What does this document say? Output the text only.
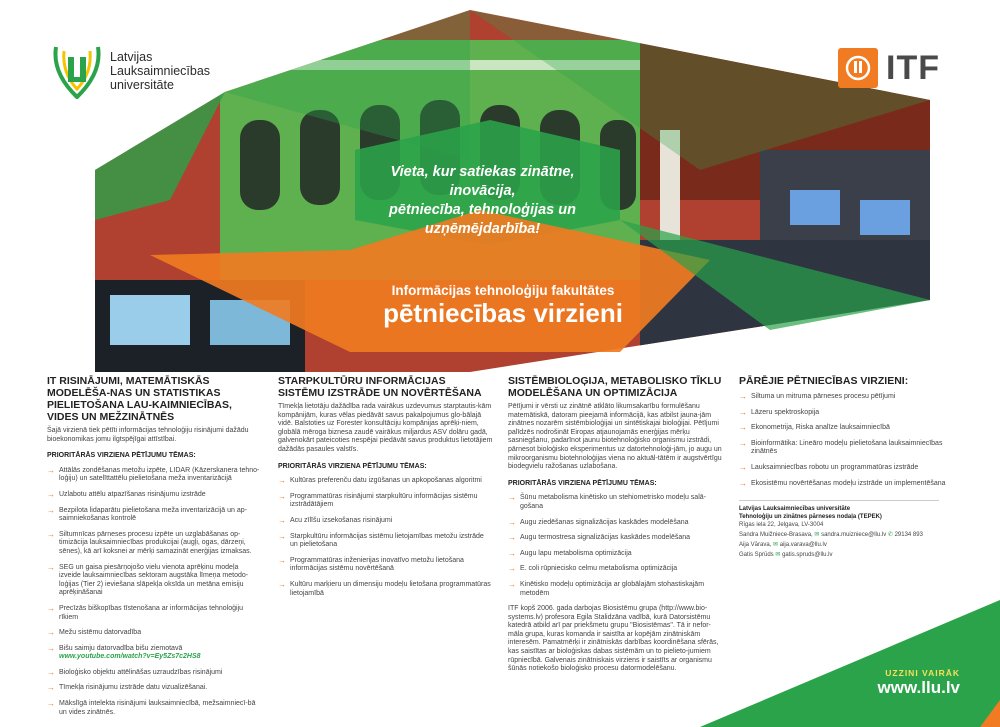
Latvijas
Lauksaimniecības
universitāte	ITF
Vieta, kur satiekas zinātne, inovācija,
pētniecība, tehnoloģijas un
uzņēmējdarbība!
Informācijas tehnoloģiju fakultātes
pētniecības virzieni
IT RISINĀJUMI, MATEMĀTISKĀS MODELĒŠA-NAS UN STATISTIKAS PIELIETOŠANA LAU-KAIMNIECĪBAS, VIDES UN MEŽZINĀTNĒS

Šajā virzienā tiek pētīti informācijas tehnoloģiju risinājumi dažādu bioekonomikas jomu ilgtspējīgai attīstībai.

PRIORITĀRĀS VIRZIENA PĒTĪJUMU TĒMAS:
→ Attālās zondēšanas metožu izpēte, LIDAR (Kāzerskanera tehno-loģiju) un satelīttattēlu pielietošana meža inventarizācijā
→ Uzlabotu attēlu atpazīšanas risinājumu izstrāde
→ Bezpilota lidaparātu pielietošana meža inventarizācijā un ap-saimniekošanas kontrolē
→ Siltumnīcas pārneses procesu izpēte un uzglabāšanas op-timizācija lauksaimniecības produkcijai (augļi, ogas, dārzeņi, sēnes), kā arī koksnei ar mērķi samazināt enerģijas izmaksas.
→ SEG un gaisa piesārņojošo vielu vienota aprēķinu modeļa izveide lauksaimniecības sektoram augstāka līmeņa metodo-loģijas (Tier 2) ieviešana slāpekļa oksīda un metāna emisiju aprēķināšanai
→ Precīzās biškopības tīstenošana ar informācijas tehnoloģiju rīkiem
→ Mežu sistēmu datorvadība
→ Bišu saimju datorvadība bišu ziemotavā
www.youtube.com/watch?v=Ey5Zs7c2HS8
→ Bioloģisko objektu attēlināšas uzraudzības risinājumi
→ Tīmekļa risinājumu izstrāde datu vizualizēšanai.
→ Mākslīgā intelekta risinājumi lauksaimniecībā, mežsaimniecī-bā un vides zinātnēs.
STARPKULTŪRU INFORMĀCIJAS SISTĒMU IZSTRĀDE UN NOVĒRTĒŠANA

Tīmekļa lietotāju dažādība rada vairākus uzdevumus starptautis-kām kompānijām, kuras vēlas piedāvāt savus pakalpojumus glo-bālajā vidē. Balstoties uz Forester konsultāciju kompānijas aprēķi-niem, globālā mēroga biznesa zaudē vairākus miljardus ASV dolāru gadā, galvenokārt pateicoties nespējai piedāvāt savus produktus lietotājiem dažādās pasaules valstīs.

PRIORITĀRĀS VIRZIENA PĒTĪJUMU TĒMAS:
→ Kultūras preferenču datu izgūšanas un apkopošanas algoritmi
→ Programmatūras risinājumi starpkultūru informācijas sistēmu izstrādātājiem
→ Acu zīlīšu izsekošanas risinājumi
→ Starpkultūru informācijas sistēmu lietojamības metožu izstrāde un pielietošana
→ Programmatūras inženierijas inovatīvo metožu lietošana informācijas sistēmu novērtēšanā
→ Kultūru marķieru un dimensiju modeļu lietošana programmatūras lietojamībā
SISTĒMBIOLOĢIJA, METABOLISKO TĪKLU MODELĒŠANA UN OPTIMIZĀCIJA

Pētījumi ir vērsti uz zinātnē atklāto likumsakarību formulēšanu matemātiskā, datoram pieejamā informācijā, kas atbilst jauna-jām zinātnes nozarēm sistēmbioloģijai un sintētiskajai bioloģijai. Pētījumi palīdzēs nodrošināt Eiropas atjaunojamās enerģijas mērķu sasniegšanu, padarīnot jaunu biotehnoloģisko organismu izstrādi, pārnesot bioloģisko eksperimentus uz datortehnoloģi-jām, jo augu un mikroorganismu biotehnoloģijas viena no aktuāl-tātēm ir augstvērtīgu biodegvielu ražošanas uzlabošana.

PRIORITĀRĀS VIRZIENA PĒTĪJUMU TĒMAS:
→ Šūnu metabolisma kinētisko un stehiometrisko modeļu salā-gošana
→ Augu ziedēšanas signalizācijas kaskādes modelēšana
→ Augu termostresa signalizācijas kaskādes modelēšana
→ Augu lapu metabolisma optimizācija
→ E. coli rūpnieciskо celmu metabolisma optimizācija
→ Kinētisko modeļu optimizācija ar globālajām stohastiskajām metodēm

ITF kopš 2006. gada darbojas Biosistēmu grupa (http://www.bio-systems.lv) profesora Egila Stalidzāna vadībā, kurā Datorsistēmu katedrā atbild arī par priekšmetu grupu "Biosistēmas". Tā ir nefor-māla grupa, kuras komanda ir saistīta ar kopējām zinātniskām interesēm. Pamatmērķi ir zinātniskās darbības koordinēšana sfērās, kas saistītas ar bioloģiskas dabas sistēmām un to pielieto-jumiem rūpniecībā. Galvenais zinātniskais virziens ir saistīts ar organismu šūnās notiekošo bioloģisko procesu datormodelēšanu.

PĀRĒJIE PĒTNIECĪBAS VIRZIENI:
→ Siltuma un mitruma pārneses procesu pētījumi
→ Lāzeru spektroskopija
→ Ekonometrija, Riska analīze lauksaimniecībā
→ Bioinformātika: Lineāro modeļu pielietošana lauksaimniecības zinātnēs
→ Lauksaimniecības robotu un programmatūras izstrāde
→ Ekosistēmu novērtēšanas modeļu izstrāde un implementēšana
Latvijas Lauksaimniecības universitāte
Tehnoloģiju un zinātnes pārneses nodaļa (TEPEK)
Rīgas iela 22, Jelgava, LV-3004
Sandra Muižniece-Brasava, ✉ sandra.muizniece@llu.lv ✆ 29134 893
Aija Vārava, ✉ aija.varava@llu.lv
Gatis Sprūds ✉ gatis.spruds@llu.lv
UZZINI VAIRĀK
www.llu.lv
